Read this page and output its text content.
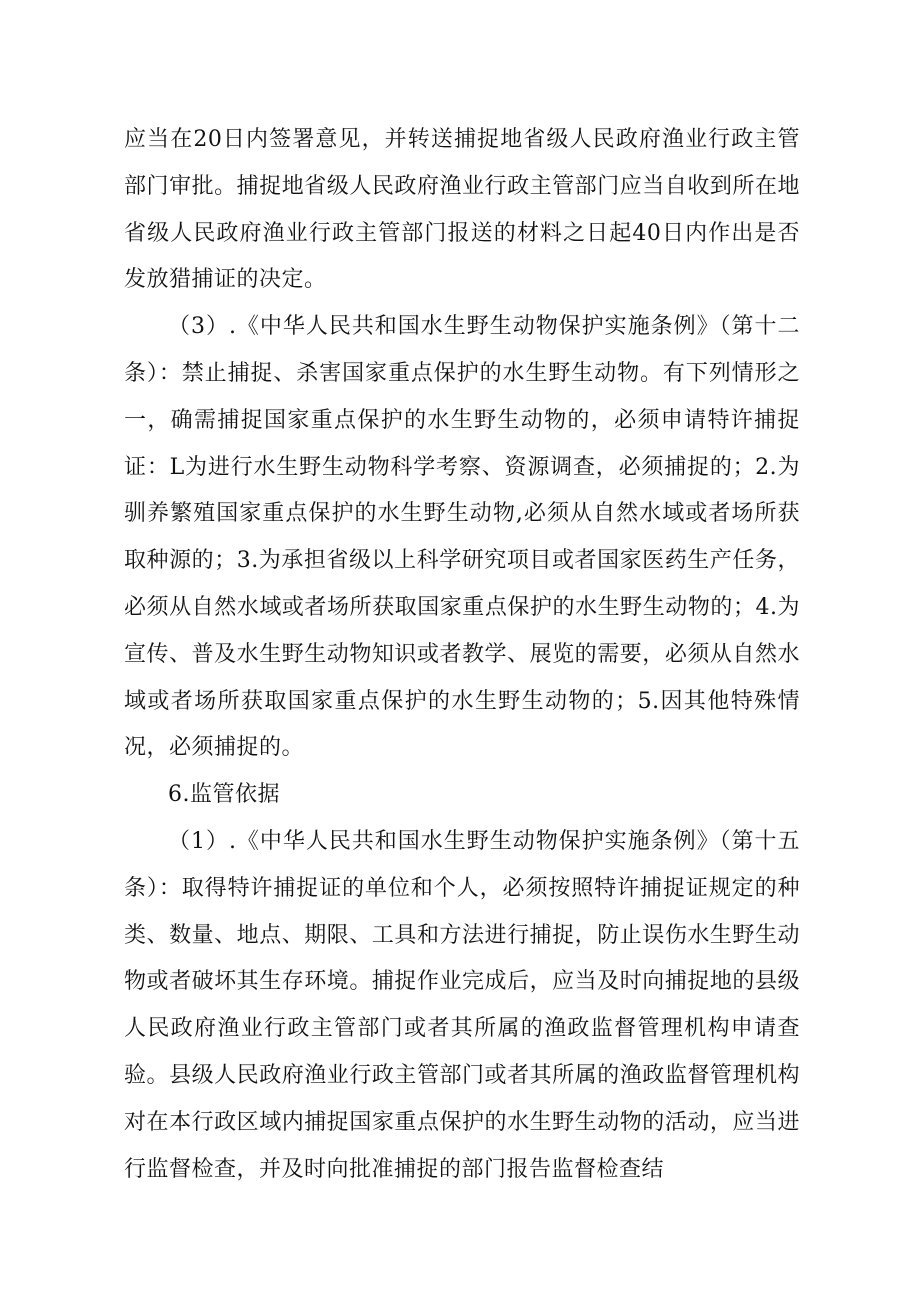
应当在20日内签署意见，并转送捕捉地省级人民政府渔业行政主管部门审批。捕捉地省级人民政府渔业行政主管部门应当自收到所在地省级人民政府渔业行政主管部门报送的材料之日起40日内作出是否发放猎捕证的决定。

（3）.《中华人民共和国水生野生动物保护实施条例》（第十二条）：禁止捕捉、杀害国家重点保护的水生野生动物。有下列情形之一，确需捕捉国家重点保护的水生野生动物的，必须申请特许捕捉证：L为进行水生野生动物科学考察、资源调查，必须捕捉的；2.为驯养繁殖国家重点保护的水生野生动物,必须从自然水域或者场所获取种源的；3.为承担省级以上科学研究项目或者国家医药生产任务，必须从自然水域或者场所获取国家重点保护的水生野生动物的；4.为宣传、普及水生野生动物知识或者教学、展览的需要，必须从自然水域或者场所获取国家重点保护的水生野生动物的；5.因其他特殊情况，必须捕捉的。

6.监管依据

（1）.《中华人民共和国水生野生动物保护实施条例》（第十五条）：取得特许捕捉证的单位和个人，必须按照特许捕捉证规定的种类、数量、地点、期限、工具和方法进行捕捉，防止误伤水生野生动物或者破坏其生存环境。捕捉作业完成后，应当及时向捕捉地的县级人民政府渔业行政主管部门或者其所属的渔政监督管理机构申请查验。县级人民政府渔业行政主管部门或者其所属的渔政监督管理机构对在本行政区域内捕捉国家重点保护的水生野生动物的活动，应当进行监督检查，并及时向批准捕捉的部门报告监督检查结
